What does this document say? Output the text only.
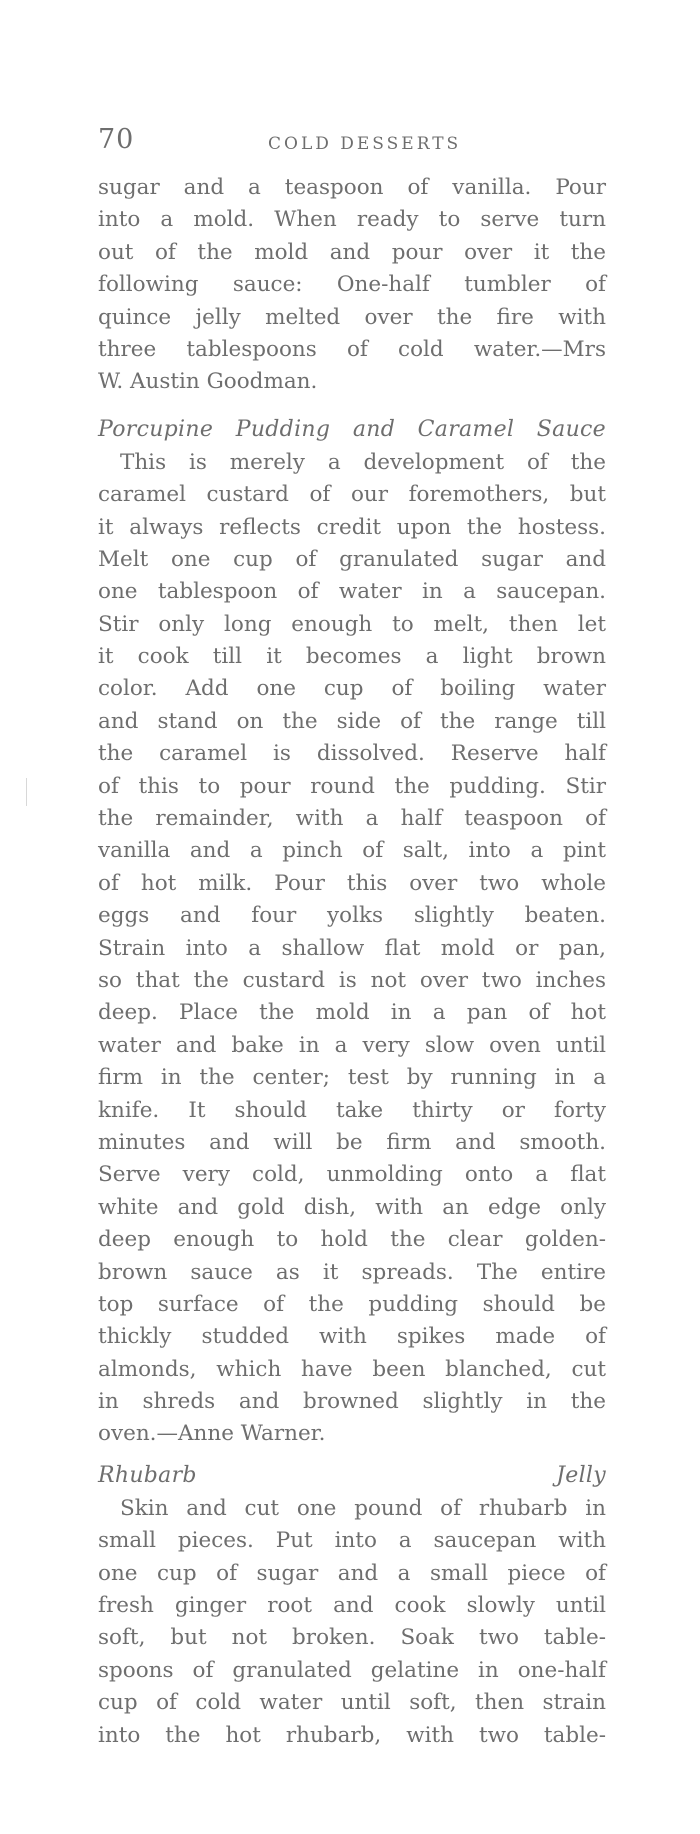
70	COLD DESSERTS
sugar and a teaspoon of vanilla. Pour
into a mold. When ready to serve turn
out of the mold and pour over it the
following sauce: One-half tumbler of
quince jelly melted over the fire with
three tablespoons of cold water.—Mrs
W. Austin Goodman.
Porcupine Pudding and Caramel Sauce
This is merely a development of the
caramel custard of our foremothers, but
it always reflects credit upon the hostess.
Melt one cup of granulated sugar and
one tablespoon of water in a saucepan.
Stir only long enough to melt, then let
it cook till it becomes a light brown
color. Add one cup of boiling water
and stand on the side of the range till
the caramel is dissolved. Reserve half
of this to pour round the pudding. Stir
the remainder, with a half teaspoon of
vanilla and a pinch of salt, into a pint
of hot milk. Pour this over two whole
eggs and four yolks slightly beaten.
Strain into a shallow flat mold or pan,
so that the custard is not over two inches
deep. Place the mold in a pan of hot
water and bake in a very slow oven until
firm in the center; test by running in a
knife. It should take thirty or forty
minutes and will be firm and smooth.
Serve very cold, unmolding onto a flat
white and gold dish, with an edge only
deep enough to hold the clear golden-
brown sauce as it spreads. The entire
top surface of the pudding should be
thickly studded with spikes made of
almonds, which have been blanched, cut
in shreds and browned slightly in the
oven.—Anne Warner.
Rhubarb Jelly
Skin and cut one pound of rhubarb in
small pieces. Put into a saucepan with
one cup of sugar and a small piece of
fresh ginger root and cook slowly until
soft, but not broken. Soak two table-
spoons of granulated gelatine in one-half
cup of cold water until soft, then strain
into the hot rhubarb, with two table-
